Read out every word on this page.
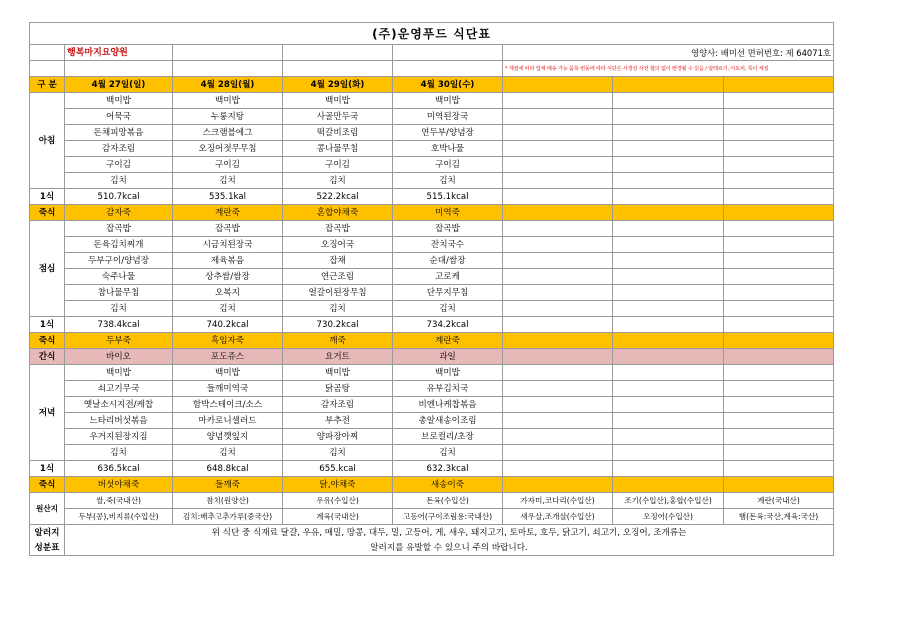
(주)운영푸드 식단표							
	행복마지요양원				영양사: 배미선 면허번호: 제 64071호		
					* 계절에 따라 업체 배송 가능 품목 변동에 따라 식단은 사정상 사전 협의 없이 변경될 수 있음 / 알레르기, 아토피, 특이 체질		
구 분	4월 27일(일)	4월 28일(월)	4월 29일(화)	4월 30일(수)			
아침	백미밥	백미밥	백미밥	백미밥			
	어묵국	누룽지탕	사골만두국	미역된장국			
	돈채피망볶음	스크램블에그	떡갈비조림	연두부/양념장			
	감자조림	오징어젓무무침	콩나물무침	호박나물			
	구이김	구이김	구이김	구이김			
	김치	김치	김치	김치			
1식	510.7kcal	535.1kal	522.2kcal	515.1kcal			
죽식	감자죽	계란죽	혼합야채죽	미역죽			
점심	잡곡밥	잡곡밥	잡곡밥	잡곡밥			
	돈육김치찌개	시금치된장국	오징어국	잔치국수			
	두부구이/양념장	제육볶음	잡채	순대/쌈장			
	숙주나물	상추쌈/쌈장	연근조림	고로케			
	참나물무침	오복지	얼갈이된장무침	단무지무침			
	김치	김치	김치	김치			
1식	738.4kcal	740.2kcal	730.2kcal	734.2kcal			
죽식	두부죽	흑임자죽	깨죽	계란죽			
간식	바이오	포도쥬스	요거트	과일			
저녁	백미밥	백미밥	백미밥	백미밥			
	쇠고기무국	들깨미역국	닭곰탕	유부김치국			
	옛날소시지전/케찹	함박스테이크/소스	감자조림	비엔나케찹볶음			
	느타리버섯볶음	마카로니샐러드	부추전	총알새송이조림			
	우거지된장지짐	양념깻잎지	양파장아찌	브로컬리/초장			
	김치	김치	김치	김치			
1식	636.5kcal	648.8kcal	655.kcal	632.3kcal			
죽식	버섯야채죽	들깨죽	닭,야채죽	새송이죽			
원산지	쌀,죽(국내산)	참치(원양산)	우유(수입산)	돈육(수입산)	가자미,코다리(수입산)	조기(수입산),홍합(수입산)	계란(국내산)
	두부(콩),비지류(수입산)	김치:배추고추가루(중국산)	계육(국내산)	고등어(구이조림용:국내산)	새우살,조개살(수입산)	오징어(수입산)	햄(돈육:국산,계육:국산)
알러지	위 식단 중 식재료 달걀, 우유, 메밀, 땅콩, 대두, 밀, 고등어, 게, 새우, 돼지고기, 토마토, 호두, 닭고기, 쇠고기, 오징어, 조개류는						
성분표	알러지를 유발할 수 있으니 주의 바랍니다.						
